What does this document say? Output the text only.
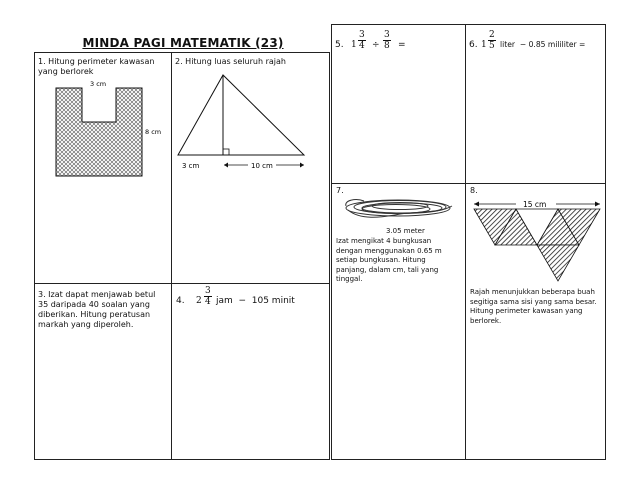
MINDA PAGI MATEMATIK (23)
1. Hitung perimeter kawasan yang berlorek
3 cm
8 cm
2. Hitung luas seluruh rajah
3 cm	10 cm
3. Izat dapat menjawab betul 35 daripada 40 soalan yang diberikan. Hitung peratusan markah yang diperoleh.
4. $2 \frac{3}{4}$ jam  −  105 minit
5. $1 \frac{3}{4} \div \frac{3}{8}$ =	6. $1 \frac{2}{5}$ liter  − 0.85 mililiter =
7.
3.05 meter
Izat mengikat 4 bungkusan dengan menggunakan 0.65 m setiap bungkusan. Hitung panjang, dalam cm, tali yang tinggal.
8.
15 cm
Rajah menunjukkan beberapa buah segitiga sama sisi yang sama besar. Hitung perimeter kawasan yang berlorek.
